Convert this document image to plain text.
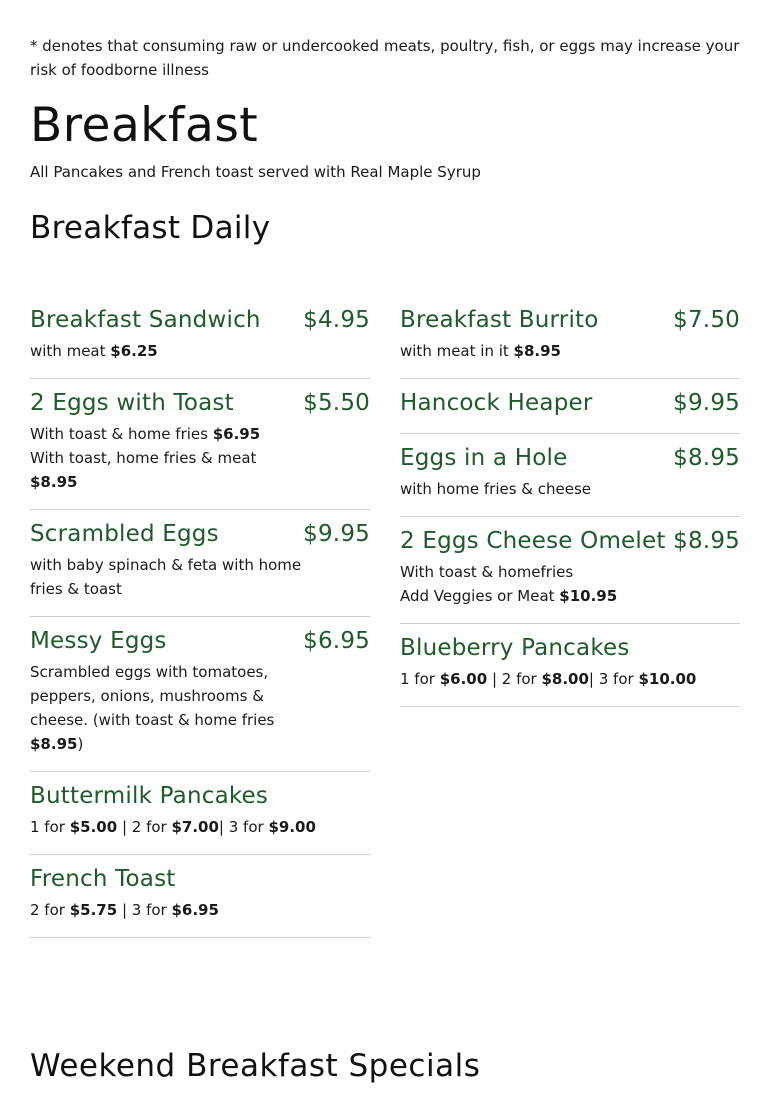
* denotes that consuming raw or undercooked meats, poultry, fish, or eggs may increase your risk of foodborne illness
Breakfast
All Pancakes and French toast served with Real Maple Syrup
Breakfast Daily
Breakfast Sandwich $4.95
with meat $6.25
2 Eggs with Toast	$5.50
With toast & home fries $6.95
With toast, home fries & meat $8.95
Scrambled Eggs	$9.95
with baby spinach & feta with home fries & toast
Messy Eggs	$6.95
Scrambled eggs with tomatoes, peppers, onions, mushrooms & cheese. (with toast & home fries $8.95)
Buttermilk Pancakes
1 for $5.00 | 2 for $7.00| 3 for $9.00
French Toast
2 for $5.75 | 3 for $6.95
Breakfast Burrito	$7.50
with meat in it $8.95
Hancock Heaper	$9.95
Eggs in a Hole	$8.95
with home fries & cheese
2 Eggs Cheese Omelet $8.95
With toast & homefries
Add Veggies or Meat $10.95
Blueberry Pancakes
1 for $6.00 | 2 for $8.00| 3 for $10.00
Weekend Breakfast Specials
